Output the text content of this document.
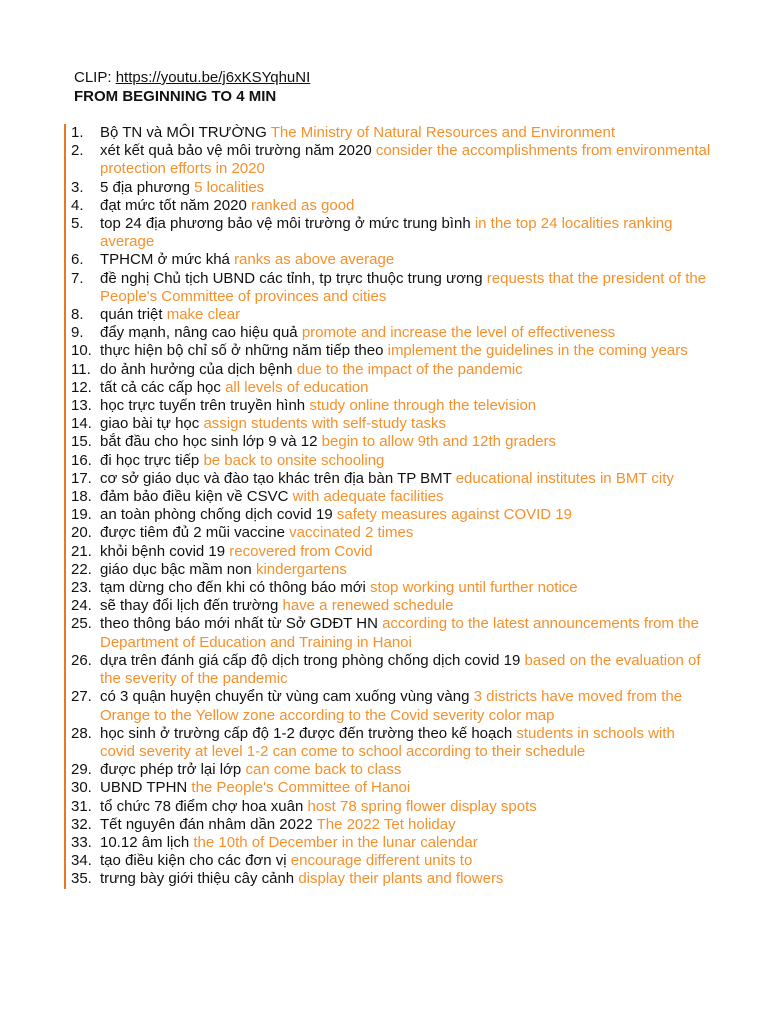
CLIP: https://youtu.be/j6xKSYqhuNI
FROM BEGINNING TO 4 MIN
1.	Bộ TN và MÔI TRƯỜNG The Ministry of Natural Resources and Environment
2.	xét kết quả bảo vệ môi trường năm 2020 consider the accomplishments from environmental protection efforts in 2020
3.	5 địa phương 5 localities
4.	đạt mức tốt năm 2020 ranked as good
5.	top 24 địa phương bảo vệ môi trường ở mức trung bình in the top 24 localities ranking average
6.	TPHCM ở mức khá ranks as above average
7.	đề nghị Chủ tịch UBND các tỉnh, tp trực thuộc trung ương requests that the president of the People's Committee of provinces and cities
8.	quán triệt make clear
9.	đẩy mạnh, nâng cao hiệu quả promote and increase the level of effectiveness
10. thực hiện bộ chỉ số ở những năm tiếp theo implement the guidelines in the coming years
11. do ảnh hưởng của dịch bệnh due to the impact of the pandemic
12. tất cả các cấp học all levels of education
13. học trực tuyến trên truyền hình study online through the television
14. giao bài tự học assign students with self-study tasks
15. bắt đầu cho học sinh lớp 9 và 12 begin to allow 9th and 12th graders
16. đi học trực tiếp be back to onsite schooling
17. cơ sở giáo dục và đào tạo khác trên địa bàn TP BMT educational institutes in BMT city
18. đảm bảo điều kiện về CSVC with adequate facilities
19. an toàn phòng chống dịch covid 19 safety measures against COVID 19
20. được tiêm đủ 2 mũi vaccine vaccinated 2 times
21. khỏi bệnh covid 19 recovered from Covid
22. giáo dục bậc mầm non kindergartens
23. tạm dừng cho đến khi có thông báo mới stop working until further notice
24. sẽ thay đổi lịch đến trường have a renewed schedule
25. theo thông báo mới nhất từ Sở GDĐT HN according to the latest announcements from the Department of Education and Training in Hanoi
26. dựa trên đánh giá cấp độ dịch trong phòng chống dịch covid 19 based on the evaluation of the severity of the pandemic
27. có 3 quận huyện chuyển từ vùng cam xuống vùng vàng 3 districts have moved from the Orange to the Yellow zone according to the Covid severity color map
28. học sinh ở trường cấp độ 1-2 được đến trường theo kế hoạch students in schools with covid severity at level 1-2 can come to school according to their schedule
29. được phép trở lại lớp can come back to class
30. UBND TPHN the People's Committee of Hanoi
31. tổ chức 78 điểm chợ hoa xuân host 78 spring flower display spots
32. Tết nguyên đán nhâm dần 2022 The 2022 Tet holiday
33. 10.12 âm lịch the 10th of December in the lunar calendar
34. tạo điều kiện cho các đơn vị encourage different units to
35. trưng bày giới thiệu cây cảnh display their plants and flowers
